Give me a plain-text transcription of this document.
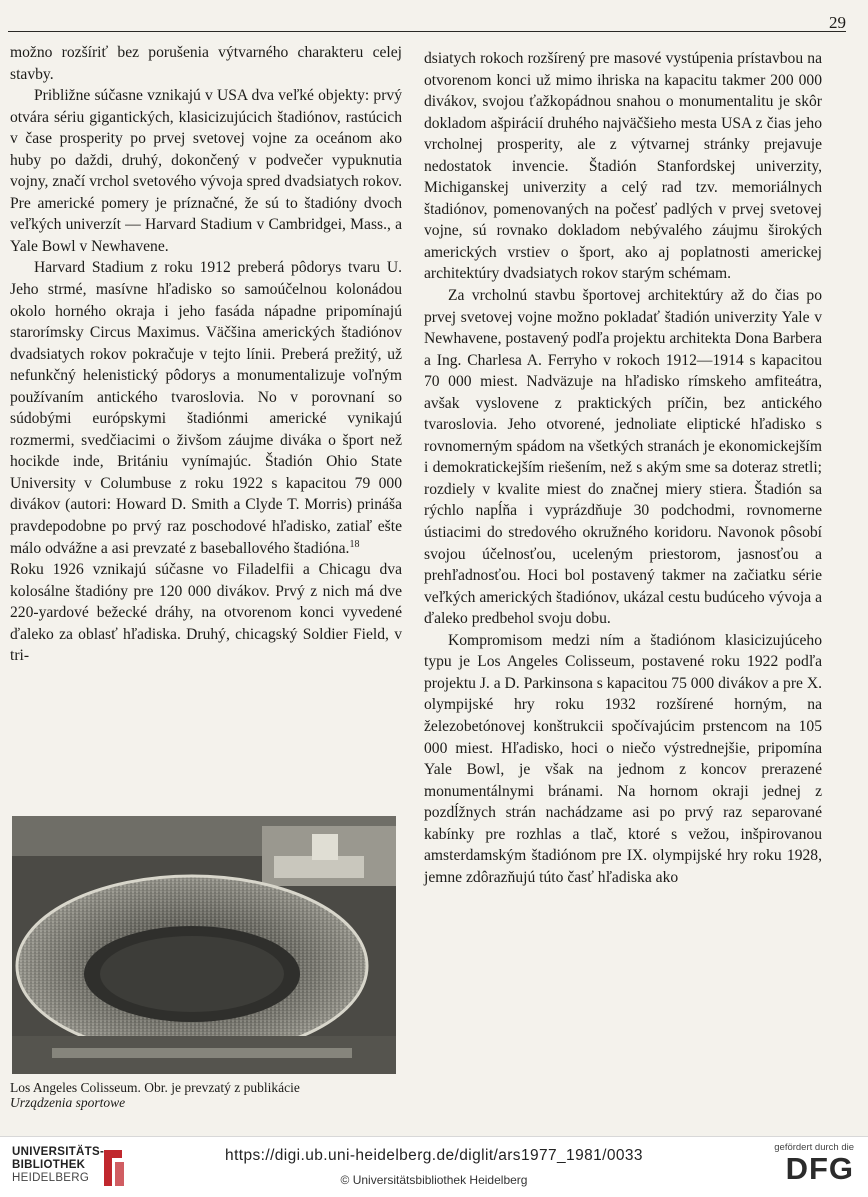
29

možno rozšíriť bez porušenia výtvarného charakteru celej stavby.

Približne súčasne vznikajú v USA dva veľké objekty: prvý otvára sériu gigantických, klasicizujúcich štadiónov, rastúcich v čase prosperity po prvej svetovej vojne za oceánom ako huby po daždi, druhý, dokončený v podvečer vypuknutia vojny, značí vrchol svetového vývoja spred dvadsiatych rokov. Pre americké pomery je príznačné, že sú to štadióny dvoch veľkých univerzít — Harvard Stadium v Cambridgei, Mass., a Yale Bowl v Newhavene.

Harvard Stadium z roku 1912 preberá pôdorys tvaru U. Jeho strmé, masívne hľadisko so samoúčelnou kolonádou okolo horného okraja i jeho fasáda nápadne pripomínajú starorímsky Circus Maximus. Väčšina amerických štadiónov dvadsiatych rokov pokračuje v tejto línii. Preberá prežitý, už nefunkčný helenistický pôdorys a monumentalizuje voľným používaním antického tvaroslovia. No v porovnaní so súdobými európskymi štadiónmi americké vynikajú rozmermi, svedčiacimi o živšom záujme diváka o šport než hocikde inde, Britániu vynímajúc. Štadión Ohio State University v Columbuse z roku 1922 s kapacitou 79 000 divákov (autori: Howard D. Smith a Clyde T. Morris) prináša pravdepodobne po prvý raz poschodové hľadisko, zatiaľ ešte málo odvážne a asi prevzaté z baseballového štadióna.$^{18}$

Roku 1926 vznikajú súčasne vo Filadelfii a Chicagu dva kolosálne štadióny pre 120 000 divákov. Prvý z nich má dve 220-yardové bežecké dráhy, na otvorenom konci vyvedené ďaleko za oblasť hľadiska. Druhý, chicagský Soldier Field, v tri-

Los Angeles Colisseum. Obr. je prevzatý z publikácie
Urządzenia sportowe

dsiatych rokoch rozšírený pre masové vystúpenia prístavbou na otvorenom konci už mimo ihriska na kapacitu takmer 200 000 divákov, svojou ťažkopádnou snahou o monumentalitu je skôr dokladom ašpirácií druhého najväčšieho mesta USA z čias jeho vrcholnej prosperity, ale z výtvarnej stránky prejavuje nedostatok invencie. Štadión Stanfordskej univerzity, Michiganskej univerzity a celý rad tzv. memoriálnych štadiónov, pomenovaných na počesť padlých v prvej svetovej vojne, sú rovnako dokladom nebývalého záujmu širokých amerických vrstiev o šport, ako aj poplatnosti americkej architektúry dvadsiatych rokov starým schémam.

Za vrcholnú stavbu športovej architektúry až do čias po prvej svetovej vojne možno pokladať štadión univerzity Yale v Newhavene, postavený podľa projektu architekta Dona Barbera a Ing. Charlesa A. Ferryho v rokoch 1912—1914 s kapacitou 70 000 miest. Nadväzuje na hľadisko rímskeho amfiteátra, avšak vyslovene z praktických príčin, bez antického tvaroslovia. Jeho otvorené, jednoliate eliptické hľadisko s rovnomerným spádom na všetkých stranách je ekonomickejším i demokratickejším riešením, než s akým sme sa doteraz stretli; rozdiely v kvalite miest do značnej miery stiera. Štadión sa rýchlo napĺňa i vyprázdňuje 30 podchodmi, rovnomerne ústiacimi do stredového okružného koridoru. Navonok pôsobí svojou účelnosťou, uceleným priestorom, jasnosťou a prehľadnosťou. Hoci bol postavený takmer na začiatku série veľkých amerických štadiónov, ukázal cestu budúceho vývoja a ďaleko predbehol svoju dobu.

Kompromisom medzi ním a štadiónom klasicizujúceho typu je Los Angeles Colisseum, postavené roku 1922 podľa projektu J. a D. Parkinsona s kapacitou 75 000 divákov a pre X. olympijské hry roku 1932 rozšírené horným, na železobetónovej konštrukcii spočívajúcim prstencom na 105 000 miest. Hľadisko, hoci o niečo výstrednejšie, pripomína Yale Bowl, je však na jednom z koncov prerazené monumentálnymi bránami. Na hornom okraji jednej z pozdĺžnych strán nachádzame asi po prvý raz separované kabínky pre rozhlas a tlač, ktoré s vežou, inšpirovanou amsterdamským štadiónom pre IX. olympijské hry roku 1928, jemne zdôrazňujú túto časť hľadiska ako

UNIVERSITÄTS-
BIBLIOTHEK
HEIDELBERG
https://digi.ub.uni-heidelberg.de/diglit/ars1977_1981/0033
© Universitätsbibliothek Heidelberg
gefördert durch die
DFG
